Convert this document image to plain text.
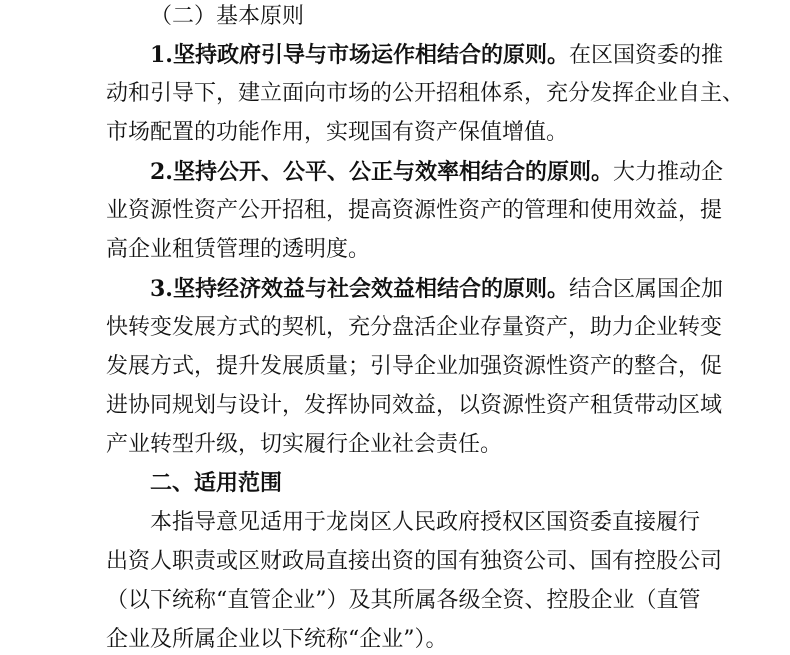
（二）基本原则
1.坚持政府引导与市场运作相结合的原则。在区国资委的推
动和引导下，建立面向市场的公开招租体系，充分发挥企业自主、
市场配置的功能作用，实现国有资产保值增值。
2.坚持公开、公平、公正与效率相结合的原则。大力推动企
业资源性资产公开招租，提高资源性资产的管理和使用效益，提
高企业租赁管理的透明度。
3.坚持经济效益与社会效益相结合的原则。结合区属国企加
快转变发展方式的契机，充分盘活企业存量资产，助力企业转变
发展方式，提升发展质量；引导企业加强资源性资产的整合，促
进协同规划与设计，发挥协同效益，以资源性资产租赁带动区域
产业转型升级，切实履行企业社会责任。
二、适用范围
本指导意见适用于龙岗区人民政府授权区国资委直接履行
出资人职责或区财政局直接出资的国有独资公司、国有控股公司
（以下统称“直管企业”）及其所属各级全资、控股企业（直管
企业及所属企业以下统称“企业”）。
